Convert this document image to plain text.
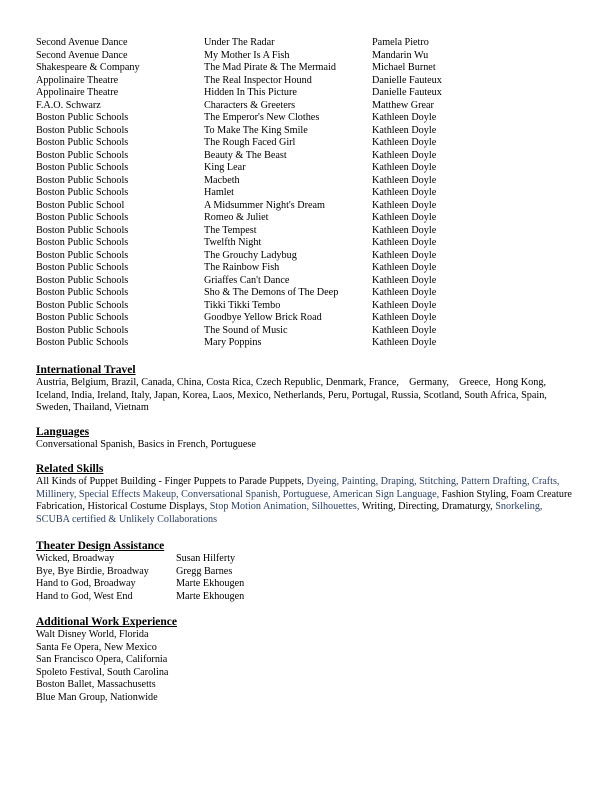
Second Avenue Dance	Under The Radar	Pamela Pietro
Second Avenue Dance	My Mother Is A Fish	Mandarin Wu
Shakespeare & Company	The Mad Pirate & The Mermaid	Michael Burnet
Appolinaire Theatre	The Real Inspector Hound	Danielle Fauteux
Appolinaire Theatre	Hidden In This Picture	Danielle Fauteux
F.A.O. Schwarz	Characters & Greeters	Matthew Grear
Boston Public Schools	The Emperor's New Clothes	Kathleen Doyle
Boston Public Schools	To Make The King Smile	Kathleen Doyle
Boston Public Schools	The Rough Faced Girl	Kathleen Doyle
Boston Public Schools	Beauty & The Beast	Kathleen Doyle
Boston Public Schools	King Lear	Kathleen Doyle
Boston Public Schools	Macbeth	Kathleen Doyle
Boston Public Schools	Hamlet	Kathleen Doyle
Boston Public School	A Midsummer Night's Dream	Kathleen Doyle
Boston Public Schools	Romeo & Juliet	Kathleen Doyle
Boston Public Schools	The Tempest	Kathleen Doyle
Boston Public Schools	Twelfth Night	Kathleen Doyle
Boston Public Schools	The Grouchy Ladybug	Kathleen Doyle
Boston Public Schools	The Rainbow Fish	Kathleen Doyle
Boston Public Schools	Griaffes Can't Dance	Kathleen Doyle
Boston Public Schools	Sho & The Demons of The Deep	Kathleen Doyle
Boston Public Schools	Tikki Tikki Tembo	Kathleen Doyle
Boston Public Schools	Goodbye Yellow Brick Road	Kathleen Doyle
Boston Public Schools	The Sound of Music	Kathleen Doyle
Boston Public Schools	Mary Poppins	Kathleen Doyle
International Travel

Austria, Belgium, Brazil, Canada, China, Costa Rica, Czech Republic, Denmark, France,    Germany,    Greece,  Hong Kong, Iceland, India, Ireland, Italy, Japan, Korea, Laos, Mexico, Netherlands, Peru, Portugal, Russia, Scotland, South Africa, Spain, Sweden, Thailand, Vietnam

Languages

Conversational Spanish, Basics in French, Portuguese

Related Skills

All Kinds of Puppet Building - Finger Puppets to Parade Puppets, Dyeing, Painting, Draping, Stitching, Pattern Drafting, Crafts, Millinery, Special Effects Makeup, Conversational Spanish, Portuguese, American Sign Language, Fashion Styling, Foam Creature Fabrication, Historical Costume Displays, Stop Motion Animation, Silhouettes, Writing, Directing, Dramaturgy, Snorkeling, SCUBA certified & Unlikely Collaborations

Theater Design Assistance
Wicked, Broadway	Susan Hilferty
Bye, Bye Birdie, Broadway	Gregg Barnes
Hand to God, Broadway	Marte Ekhougen
Hand to God, West End	Marte Ekhougen
Additional Work Experience
Walt Disney World, Florida
Santa Fe Opera, New Mexico
San Francisco Opera, California
Spoleto Festival, South Carolina
Boston Ballet, Massachusetts
Blue Man Group, Nationwide
